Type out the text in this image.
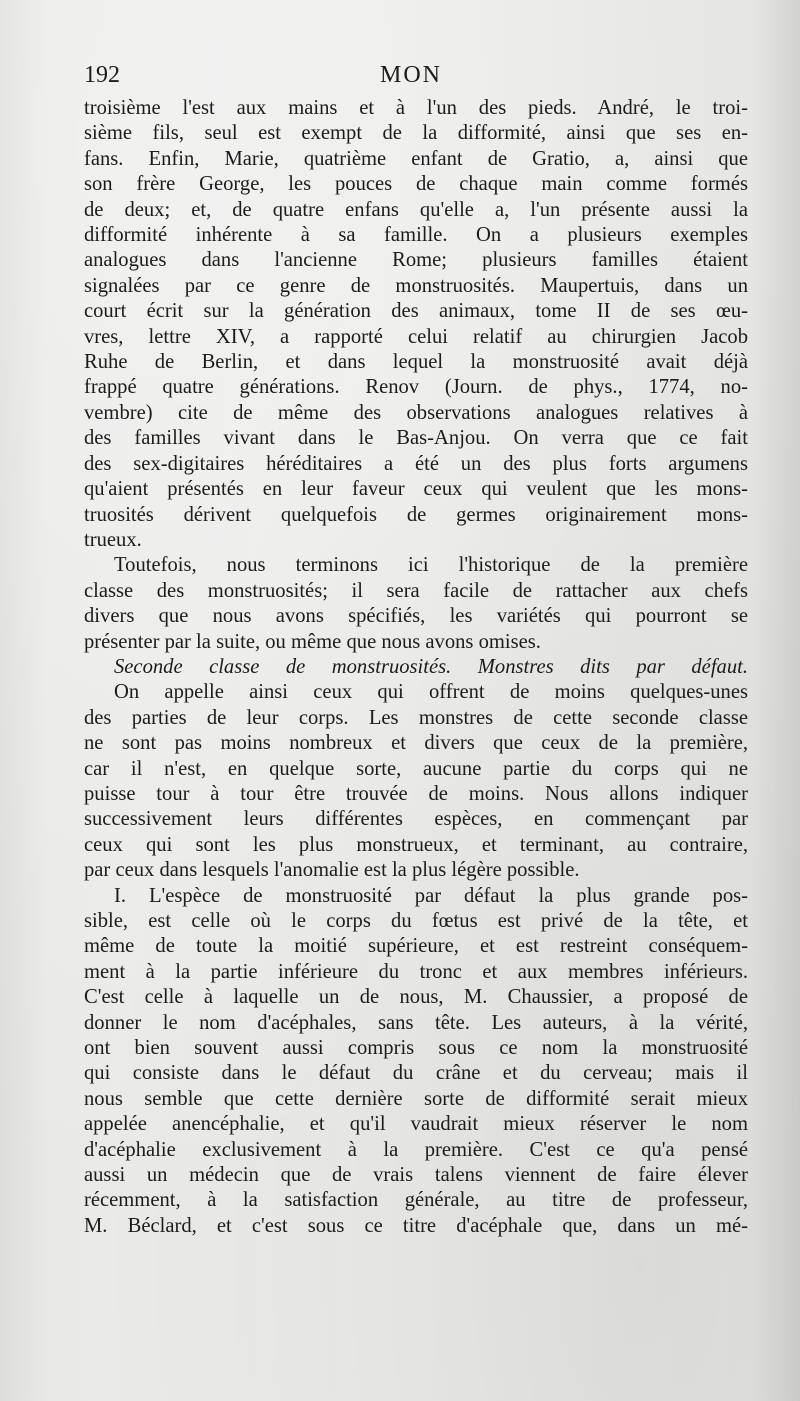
192	MON

troisième l'est aux mains et à l'un des pieds. André, le troi-
sième fils, seul est exempt de la difformité, ainsi que ses en-
fans. Enfin, Marie, quatrième enfant de Gratio, a, ainsi que
son frère George, les pouces de chaque main comme formés
de deux; et, de quatre enfans qu'elle a, l'un présente aussi la
difformité inhérente à sa famille. On a plusieurs exemples
analogues dans l'ancienne Rome; plusieurs familles étaient
signalées par ce genre de monstruosités. Maupertuis, dans un
court écrit sur la génération des animaux, tome II de ses œu-
vres, lettre XIV, a rapporté celui relatif au chirurgien Jacob
Ruhe de Berlin, et dans lequel la monstruosité avait déjà
frappé quatre générations. Renov (Journ. de phys., 1774, no-
vembre) cite de même des observations analogues relatives à
des familles vivant dans le Bas-Anjou. On verra que ce fait
des sex-digitaires héréditaires a été un des plus forts argumens
qu'aient présentés en leur faveur ceux qui veulent que les mons-
truosités dérivent quelquefois de germes originairement mons-
trueux.

Toutefois, nous terminons ici l'historique de la première
classe des monstruosités; il sera facile de rattacher aux chefs
divers que nous avons spécifiés, les variétés qui pourront se
présenter par la suite, ou même que nous avons omises.

Seconde classe de monstruosités. Monstres dits par défaut.

On appelle ainsi ceux qui offrent de moins quelques-unes
des parties de leur corps. Les monstres de cette seconde classe
ne sont pas moins nombreux et divers que ceux de la première,
car il n'est, en quelque sorte, aucune partie du corps qui ne
puisse tour à tour être trouvée de moins. Nous allons indiquer
successivement leurs différentes espèces, en commençant par
ceux qui sont les plus monstrueux, et terminant, au contraire,
par ceux dans lesquels l'anomalie est la plus légère possible.

I. L'espèce de monstruosité par défaut la plus grande pos-
sible, est celle où le corps du fœtus est privé de la tête, et
même de toute la moitié supérieure, et est restreint conséquem-
ment à la partie inférieure du tronc et aux membres inférieurs.
C'est celle à laquelle un de nous, M. Chaussier, a proposé de
donner le nom d'acéphales, sans tête. Les auteurs, à la vérité,
ont bien souvent aussi compris sous ce nom la monstruosité
qui consiste dans le défaut du crâne et du cerveau; mais il
nous semble que cette dernière sorte de difformité serait mieux
appelée anencéphalie, et qu'il vaudrait mieux réserver le nom
d'acéphalie exclusivement à la première. C'est ce qu'a pensé
aussi un médecin que de vrais talens viennent de faire élever
récemment, à la satisfaction générale, au titre de professeur,
M. Béclard, et c'est sous ce titre d'acéphale que, dans un mé-
